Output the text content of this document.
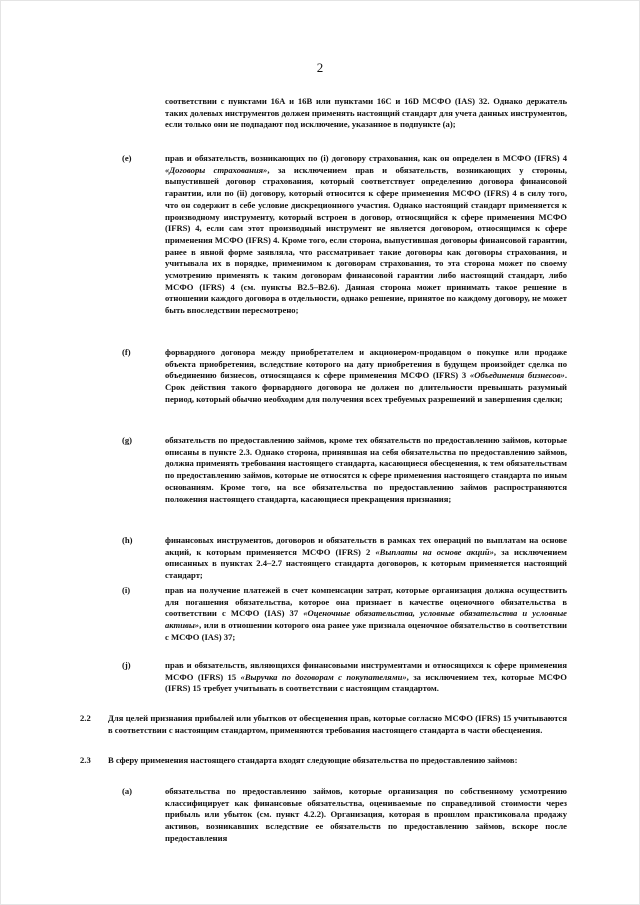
2
соответствии с пунктами 16А и 16В или пунктами 16С и 16D МСФО (IAS) 32. Однако держатель таких долевых инструментов должен применять настоящий стандарт для учета данных инструментов, если только они не подпадают под исключение, указанное в подпункте (a);
(e)	прав и обязательств, возникающих по (i) договору страхования, как он определен в МСФО (IFRS) 4 «Договоры страхования», за исключением прав и обязательств, возникающих у стороны, выпустившей договор страхования, который соответствует определению договора финансовой гарантии, или по (ii) договору, который относится к сфере применения МСФО (IFRS) 4 в силу того, что он содержит в себе условие дискреционного участия. Однако настоящий стандарт применяется к производному инструменту, который встроен в договор, относящийся к сфере применения МСФО (IFRS) 4, если сам этот производный инструмент не является договором, относящимся к сфере применения МСФО (IFRS) 4. Кроме того, если сторона, выпустившая договоры финансовой гарантии, ранее в явной форме заявляла, что рассматривает такие договоры как договоры страхования, и учитывала их в порядке, применимом к договорам страхования, то эта сторона может по своему усмотрению применять к таким договорам финансовой гарантии либо настоящий стандарт, либо МСФО (IFRS) 4 (см. пункты В2.5–В2.6). Данная сторона может принимать такое решение в отношении каждого договора в отдельности, однако решение, принятое по каждому договору, не может быть впоследствии пересмотрено;
(f)	форвардного договора между приобретателем и акционером-продавцом о покупке или продаже объекта приобретения, вследствие которого на дату приобретения в будущем произойдет сделка по объединению бизнесов, относящаяся к сфере применения МСФО (IFRS) 3 «Объединения бизнесов». Срок действия такого форвардного договора не должен по длительности превышать разумный период, который обычно необходим для получения всех требуемых разрешений и завершения сделки;
(g)	обязательств по предоставлению займов, кроме тех обязательств по предоставлению займов, которые описаны в пункте 2.3. Однако сторона, принявшая на себя обязательства по предоставлению займов, должна применять требования настоящего стандарта, касающиеся обесценения, к тем обязательствам по предоставлению займов, которые не относятся к сфере применения настоящего стандарта по иным основаниям. Кроме того, на все обязательства по предоставлению займов распространяются положения настоящего стандарта, касающиеся прекращения признания;
(h)	финансовых инструментов, договоров и обязательств в рамках тех операций по выплатам на основе акций, к которым применяется МСФО (IFRS) 2 «Выплаты на основе акций», за исключением описанных в пунктах 2.4–2.7 настоящего стандарта договоров, к которым применяется настоящий стандарт;
(i)	прав на получение платежей в счет компенсации затрат, которые организация должна осуществить для погашения обязательства, которое она признает в качестве оценочного обязательства в соответствии с МСФО (IAS) 37 «Оценочные обязательства, условные обязательства и условные активы», или в отношении которого она ранее уже признала оценочное обязательство в соответствии с МСФО (IAS) 37;
(j)	прав и обязательств, являющихся финансовыми инструментами и относящихся к сфере применения МСФО (IFRS) 15 «Выручка по договорам с покупателями», за исключением тех, которые МСФО (IFRS) 15 требует учитывать в соответствии с настоящим стандартом.
2.2 Для целей признания прибылей или убытков от обесценения прав, которые согласно МСФО (IFRS) 15 учитываются в соответствии с настоящим стандартом, применяются требования настоящего стандарта в части обесценения.
2.3 В сферу применения настоящего стандарта входят следующие обязательства по предоставлению займов:
(a)	обязательства по предоставлению займов, которые организация по собственному усмотрению классифицирует как финансовые обязательства, оцениваемые по справедливой стоимости через прибыль или убыток (см. пункт 4.2.2). Организация, которая в прошлом практиковала продажу активов, возникавших вследствие ее обязательств по предоставлению займов, вскоре после предоставления
